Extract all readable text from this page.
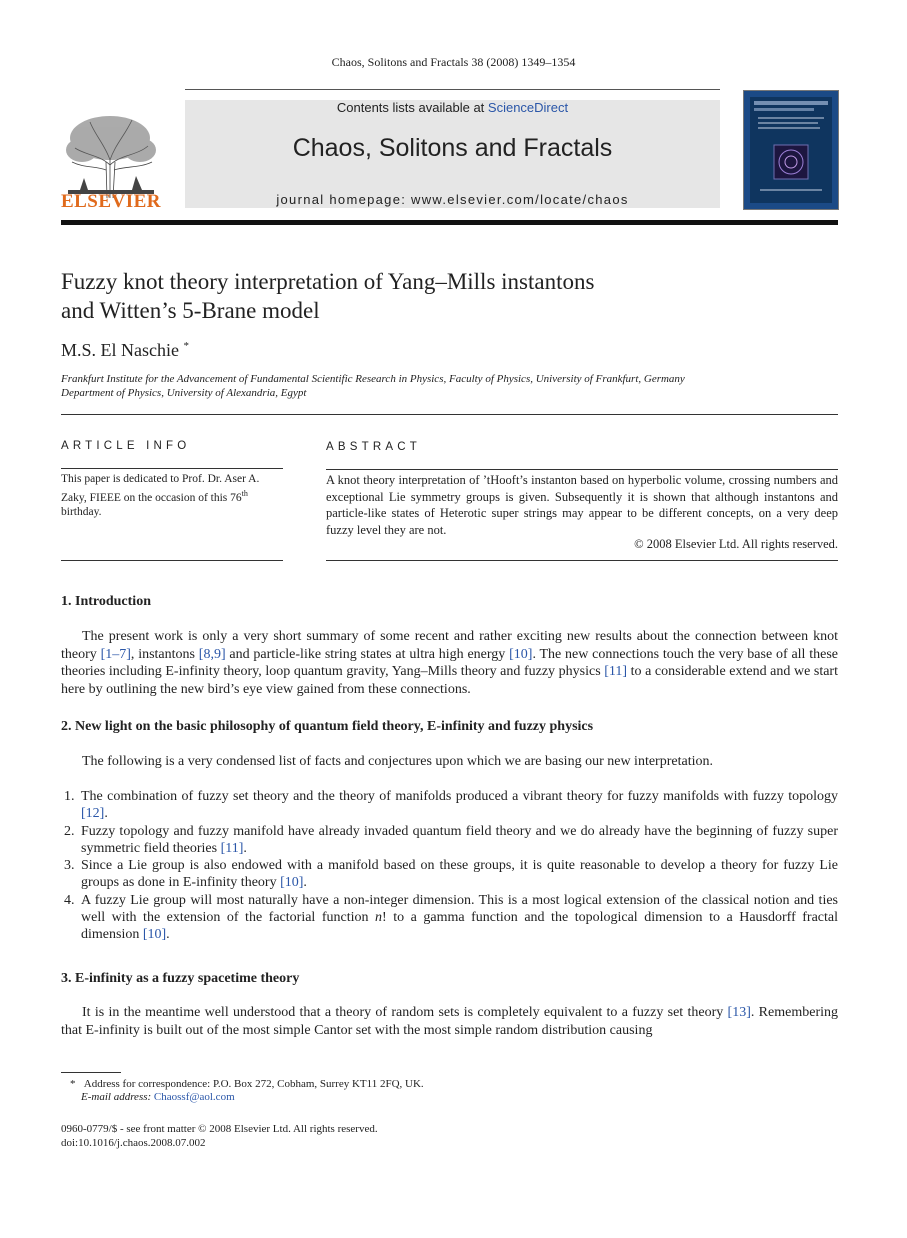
Chaos, Solitons and Fractals 38 (2008) 1349–1354
Contents lists available at ScienceDirect
Chaos, Solitons and Fractals
journal homepage: www.elsevier.com/locate/chaos
ELSEVIER
Fuzzy knot theory interpretation of Yang–Mills instantons
and Witten’s 5-Brane model
M.S. El Naschie *
Frankfurt Institute for the Advancement of Fundamental Scientific Research in Physics, Faculty of Physics, University of Frankfurt, Germany
Department of Physics, University of Alexandria, Egypt
ARTICLE INFO	ABSTRACT
This paper is dedicated to Prof. Dr. Aser A. Zaky, FIEEE on the occasion of this 76th birthday.
A knot theory interpretation of ’tHooft’s instanton based on hyperbolic volume, crossing numbers and exceptional Lie symmetry groups is given. Subsequently it is shown that although instantons and particle-like states of Heterotic super strings may appear to be different concepts, on a very deep fuzzy level they are not.
© 2008 Elsevier Ltd. All rights reserved.
1. Introduction
  The present work is only a very short summary of some recent and rather exciting new results about the connection between knot theory [1–7], instantons [8,9] and particle-like string states at ultra high energy [10]. The new connections touch the very base of all these theories including E-infinity theory, loop quantum gravity, Yang–Mills theory and fuzzy physics [11] to a considerable extend and we start here by outlining the new bird’s eye view gained from these connections.
2. New light on the basic philosophy of quantum field theory, E-infinity and fuzzy physics
  The following is a very condensed list of facts and conjectures upon which we are basing our new interpretation.
1. The combination of fuzzy set theory and the theory of manifolds produced a vibrant theory for fuzzy manifolds with fuzzy topology [12].
2. Fuzzy topology and fuzzy manifold have already invaded quantum field theory and we do already have the beginning of fuzzy super symmetric field theories [11].
3. Since a Lie group is also endowed with a manifold based on these groups, it is quite reasonable to develop a theory for fuzzy Lie groups as done in E-infinity theory [10].
4. A fuzzy Lie group will most naturally have a non-integer dimension. This is a most logical extension of the classical notion and ties well with the extension of the factorial function n! to a gamma function and the topological dimension to a Hausdorff fractal dimension [10].
3. E-infinity as a fuzzy spacetime theory
  It is in the meantime well understood that a theory of random sets is completely equivalent to a fuzzy set theory [13]. Remembering that E-infinity is built out of the most simple Cantor set with the most simple random distribution causing
*  Address for correspondence: P.O. Box 272, Cobham, Surrey KT11 2FQ, UK.
E-mail address: Chaossf@aol.com
0960-0779/$ - see front matter © 2008 Elsevier Ltd. All rights reserved.
doi:10.1016/j.chaos.2008.07.002
